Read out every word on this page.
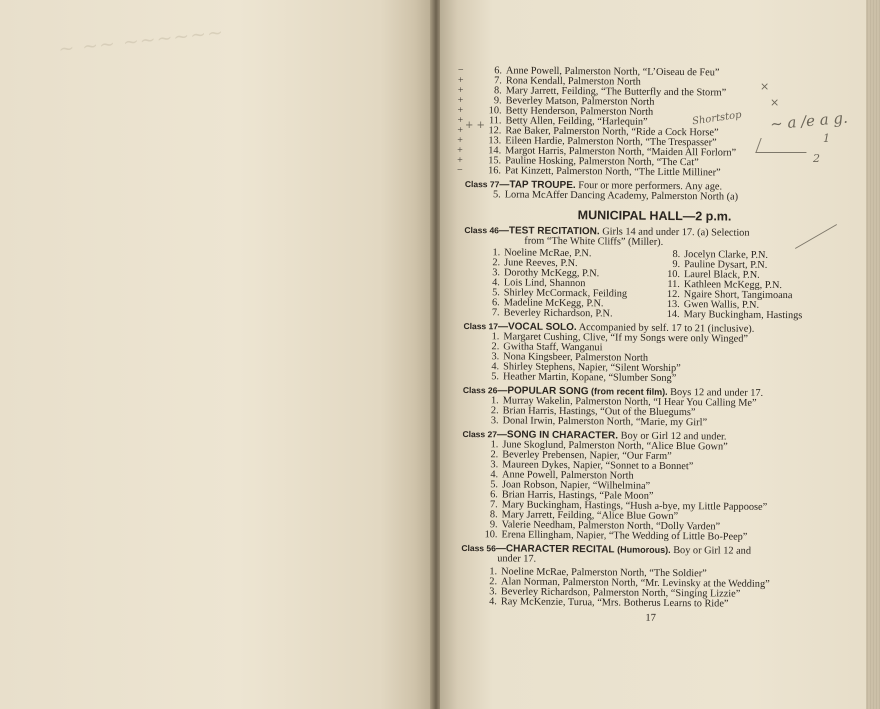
~ ~~ ~~~~~~
−	6. Anne Powell, Palmerston North, “L’Oiseau de Feu”
+	7. Rona Kendall, Palmerston North
+	8. Mary Jarrett, Feilding, “The Butterfly and the Storm”
+	9. Beverley Matson, Palmerston North
+	10. Betty Henderson, Palmerston North
+	11. Betty Allen, Feilding, “Harlequin”
+	12. Rae Baker, Palmerston North, “Ride a Cock Horse”
+	13. Eileen Hardie, Palmerston North, “The Trespasser”
+	14. Margot Harris, Palmerston North, “Maiden All Forlorn”
+	15. Pauline Hosking, Palmerston North, “The Cat”
−	16. Pat Kinzett, Palmerston North, “The Little Milliner”
Class 77—TAP TROUPE. Four or more performers. Any age.
5. Lorna McAffer Dancing Academy, Palmerston North (a)
MUNICIPAL HALL—2 p.m.
Class 46—TEST RECITATION. Girls 14 and under 17. (a) Selection
from “The White Cliffs” (Miller).
1. Noeline McRae, P.N.
2. June Reeves, P.N.
3. Dorothy McKegg, P.N.
4. Lois Lind, Shannon
5. Shirley McCormack, Feilding
6. Madeline McKegg, P.N.
7. Beverley Richardson, P.N.
8. Jocelyn Clarke, P.N.
9. Pauline Dysart, P.N.
10. Laurel Black, P.N.
11. Kathleen McKegg, P.N.
12. Ngaire Short, Tangimoana
13. Gwen Wallis, P.N.
14. Mary Buckingham, Hastings
Class 17—VOCAL SOLO. Accompanied by self. 17 to 21 (inclusive).
1. Margaret Cushing, Clive, “If my Songs were only Winged”
2. Gwitha Staff, Wanganui
3. Nona Kingsbeer, Palmerston North
4. Shirley Stephens, Napier, “Silent Worship”
5. Heather Martin, Kopane, “Slumber Song”
Class 26—POPULAR SONG (from recent film). Boys 12 and under 17.
1. Murray Wakelin, Palmerston North, “I Hear You Calling Me”
2. Brian Harris, Hastings, “Out of the Bluegums”
3. Donal Irwin, Palmerston North, “Marie, my Girl”
Class 27—SONG IN CHARACTER. Boy or Girl 12 and under.
1. June Skoglund, Palmerston North, “Alice Blue Gown”
2. Beverley Prebensen, Napier, “Our Farm”
3. Maureen Dykes, Napier, “Sonnet to a Bonnet”
4. Anne Powell, Palmerston North
5. Joan Robson, Napier, “Wilhelmina”
6. Brian Harris, Hastings, “Pale Moon”
7. Mary Buckingham, Hastings, “Hush a-bye, my Little Pappoose”
8. Mary Jarrett, Feilding, “Alice Blue Gown”
9. Valerie Needham, Palmerston North, “Dolly Varden”
10. Erena Ellingham, Napier, “The Wedding of Little Bo-Peep”
Class 56—CHARACTER RECITAL (Humorous). Boy or Girl 12 and
under 17.
1. Noeline McRae, Palmerston North, “The Soldier”
2. Alan Norman, Palmerston North, “Mr. Levinsky at the Wedding”
3. Beverley Richardson, Palmerston North, “Singing Lizzie”
4. Ray McKenzie, Turua, “Mrs. Botherus Learns to Ride”
17
×
×
Shortstop ~ a /e a g.
1
2
+ +
